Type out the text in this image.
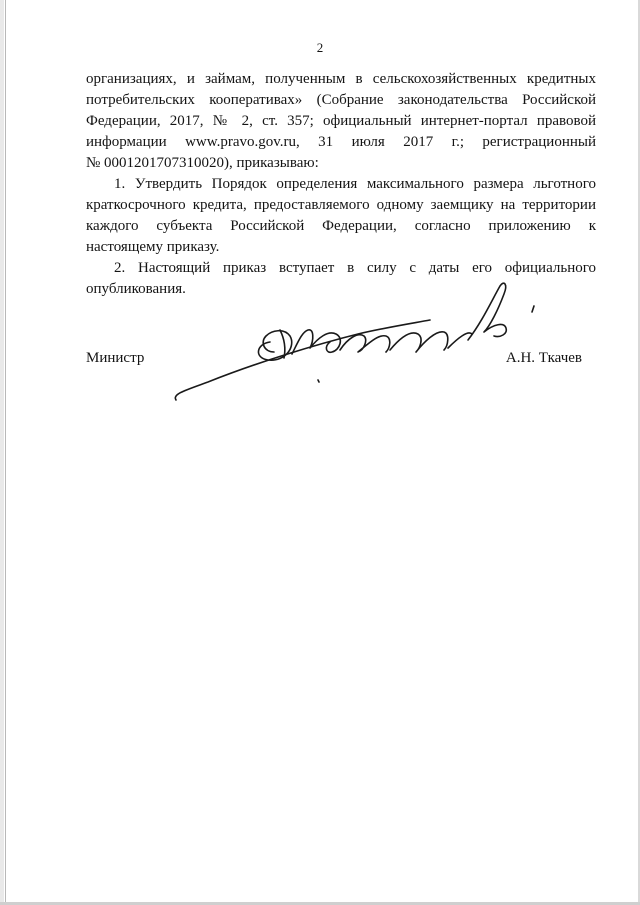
2

организациях, и займам, полученным в сельскохозяйственных кредитных
потребительских кооперативах» (Собрание законодательства Российской
Федерации, 2017, № 2, ст. 357; официальный интернет-портал правовой
информации www.pravo.gov.ru, 31 июля 2017 г.; регистрационный
№ 0001201707310020), приказываю:

1. Утвердить Порядок определения максимального размера льготного
краткосрочного кредита, предоставляемого одному заемщику на территории
каждого субъекта Российской Федерации, согласно приложению к
настоящему приказу.

2. Настоящий приказ вступает в силу с даты его официального
опубликования.

Министр	А.Н. Ткачев
